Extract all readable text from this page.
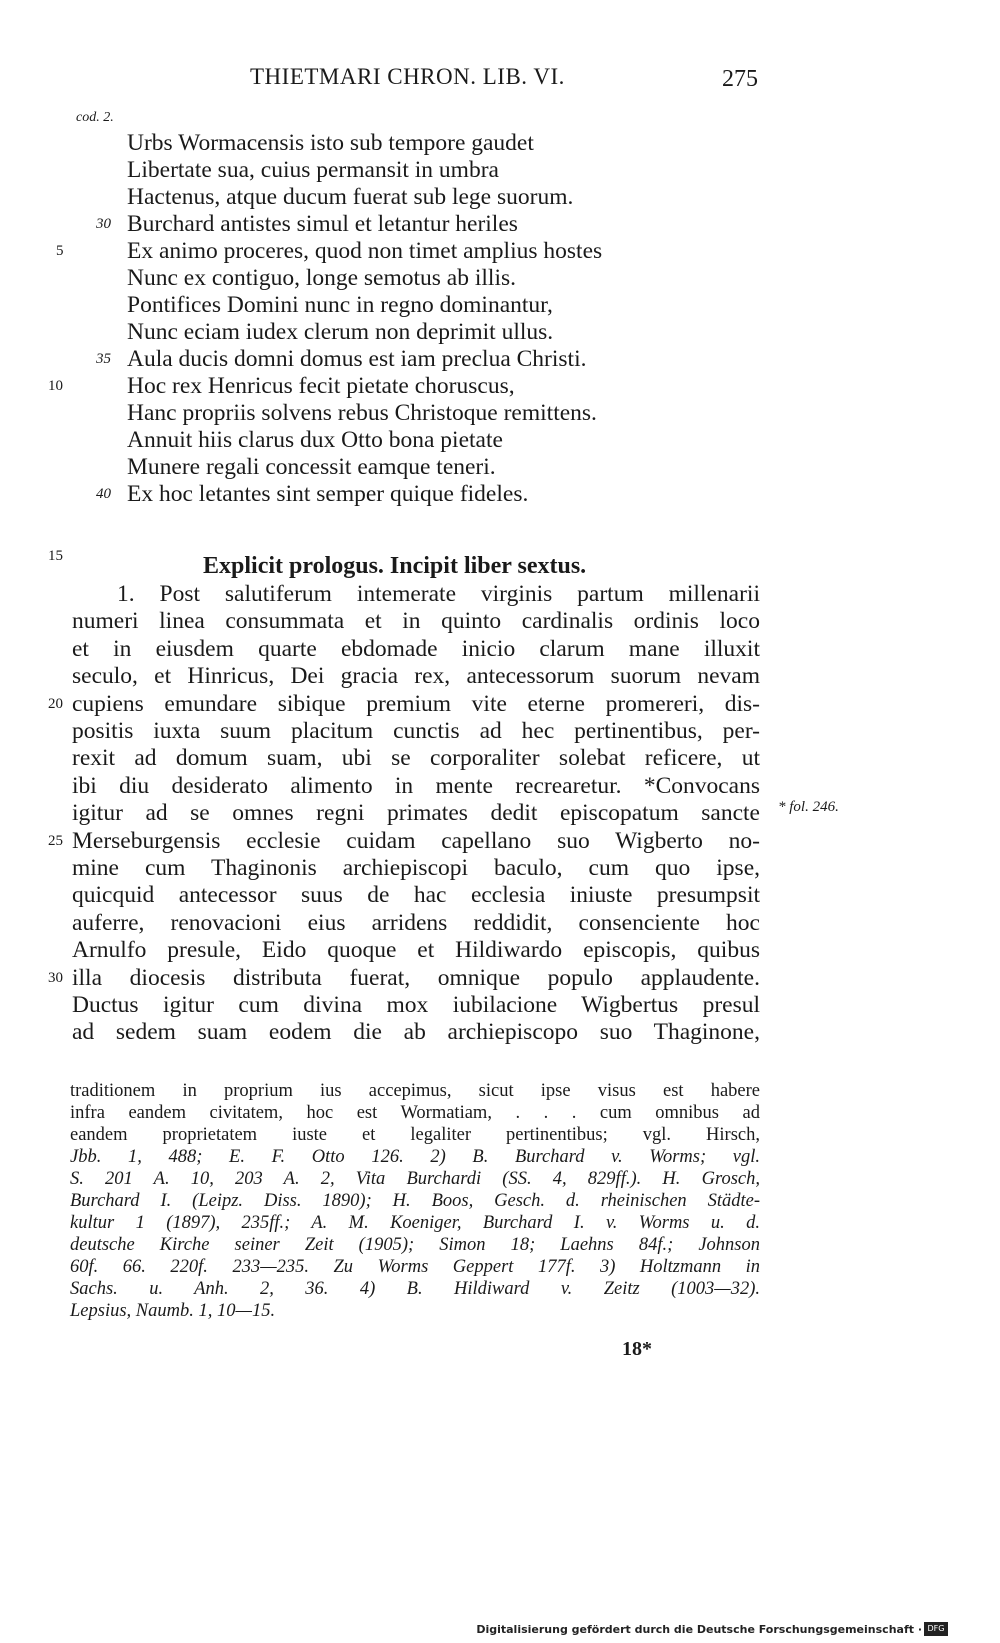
THIETMARI CHRON. LIB. VI.	275
cod. 2.
Urbs Wormacensis isto sub tempore gaudet
Libertate sua, cuius permansit in umbra
Hactenus, atque ducum fuerat sub lege suorum.
Burchard antistes simul et letantur heriles
30
Ex animo proceres, quod non timet amplius hostes
5
Nunc ex contiguo, longe semotus ab illis.
Pontifices Domini nunc in regno dominantur,
Nunc eciam iudex clerum non deprimit ullus.
Aula ducis domni domus est iam preclua Christi.
35
Hoc rex Henricus fecit pietate choruscus,
10
Hanc propriis solvens rebus Christoque remittens.
Annuit hiis clarus dux Otto bona pietate
Munere regali concessit eamque teneri.
Ex hoc letantes sint semper quique fideles.
40
15	Explicit prologus. Incipit liber sextus.
1. Post salutiferum intemerate virginis partum millenarii
numeri linea consummata et in quinto cardinalis ordinis loco
et in eiusdem quarte ebdomade inicio clarum mane illuxit
seculo, et Hinricus, Dei gracia rex, antecessorum suorum nevam
cupiens emundare sibique premium vite eterne promereri, dis-
20
positis iuxta suum placitum cunctis ad hec pertinentibus, per-
rexit ad domum suam, ubi se corporaliter solebat reficere, ut
ibi diu desiderato alimento in mente recrearetur. *Convocans
igitur ad se omnes regni primates dedit episcopatum sancte
Merseburgensis ecclesie cuidam capellano suo Wigberto no-
25
mine cum Thaginonis archiepiscopi baculo, cum quo ipse,
quicquid antecessor suus de hac ecclesia iniuste presumpsit
auferre, renovacioni eius arridens reddidit, consenciente hoc
Arnulfo presule, Eido quoque et Hildiwardo episcopis, quibus
illa diocesis distributa fuerat, omnique populo applaudente.
30
Ductus igitur cum divina mox iubilacione Wigbertus presul
ad sedem suam eodem die ab archiepiscopo suo Thaginone,
* fol. 246.
traditionem in proprium ius accepimus, sicut ipse visus est habere
infra eandem civitatem, hoc est Wormatiam, . . . cum omnibus ad
eandem proprietatem iuste et legaliter pertinentibus; vgl. Hirsch,
Jbb. 1, 488; E. F. Otto 126. 2) B. Burchard v. Worms; vgl.
S. 201 A. 10, 203 A. 2, Vita Burchardi (SS. 4, 829ff.). H. Grosch,
Burchard I. (Leipz. Diss. 1890); H. Boos, Gesch. d. rheinischen Städte-
kultur 1 (1897), 235ff.; A. M. Koeniger, Burchard I. v. Worms u. d.
deutsche Kirche seiner Zeit (1905); Simon 18; Laehns 84f.; Johnson
60f. 66. 220f. 233—235. Zu Worms Geppert 177f. 3) Holtzmann in
Sachs. u. Anh. 2, 36. 4) B. Hildiward v. Zeitz (1003—32).
Lepsius, Naumb. 1, 10—15.
18*
Digitalisierung gefördert durch die Deutsche Forschungsgemeinschaft · DFG
